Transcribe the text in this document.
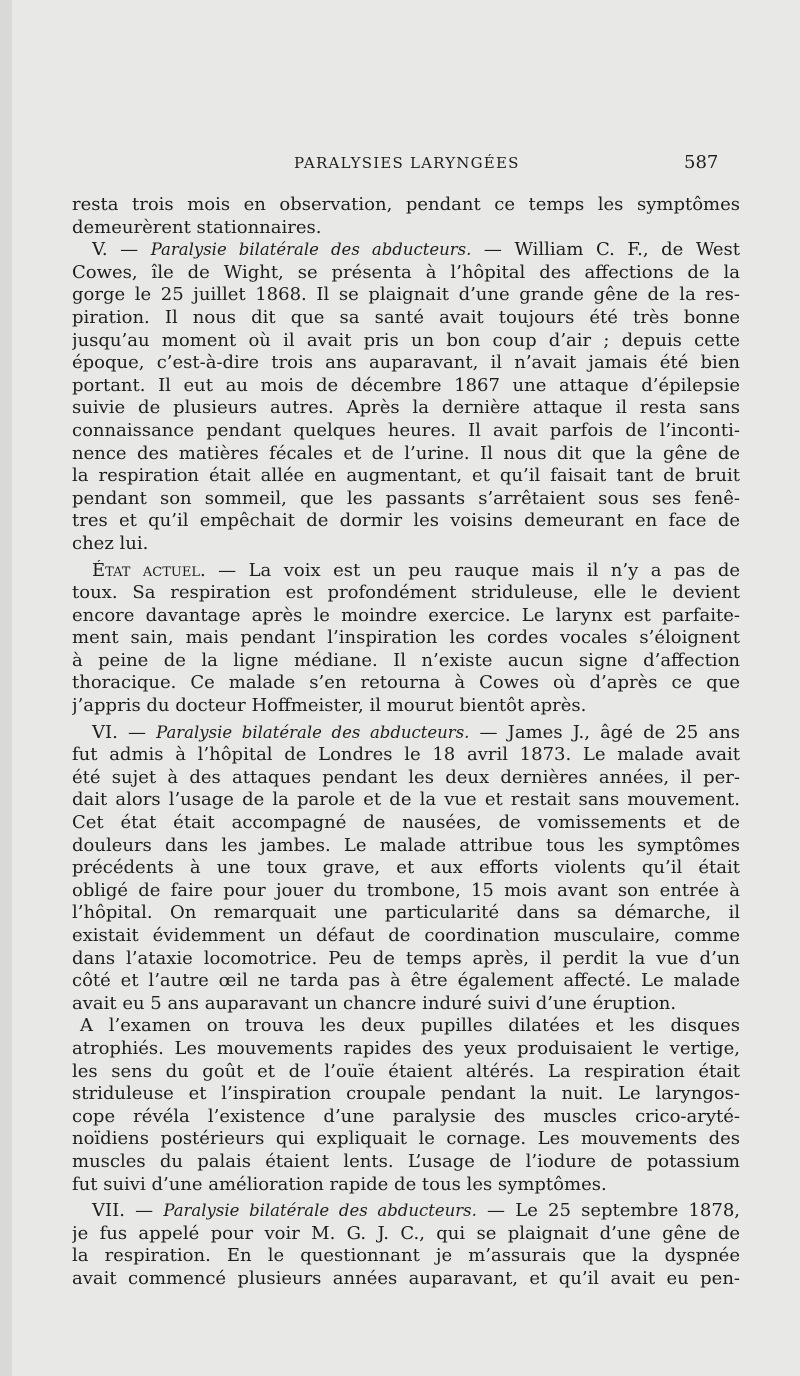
PARALYSIES LARYNGÉES	587
resta trois mois en observation, pendant ce temps les symptômes
demeurèrent stationnaires.
V. — Paralysie bilatérale des abducteurs. — William C. F., de West
Cowes, île de Wight, se présenta à l’hôpital des affections de la
gorge le 25 juillet 1868. Il se plaignait d’une grande gêne de la res-
piration. Il nous dit que sa santé avait toujours été très bonne
jusqu’au moment où il avait pris un bon coup d’air ; depuis cette
époque, c’est-à-dire trois ans auparavant, il n’avait jamais été bien
portant. Il eut au mois de décembre 1867 une attaque d’épilepsie
suivie de plusieurs autres. Après la dernière attaque il resta sans
connaissance pendant quelques heures. Il avait parfois de l’inconti-
nence des matières fécales et de l’urine. Il nous dit que la gêne de
la respiration était allée en augmentant, et qu’il faisait tant de bruit
pendant son sommeil, que les passants s’arrêtaient sous ses fenê-
tres et qu’il empêchait de dormir les voisins demeurant en face de
chez lui.
État actuel. — La voix est un peu rauque mais il n’y a pas de
toux. Sa respiration est profondément striduleuse, elle le devient
encore davantage après le moindre exercice. Le larynx est parfaite-
ment sain, mais pendant l’inspiration les cordes vocales s’éloignent
à peine de la ligne médiane. Il n’existe aucun signe d’affection
thoracique. Ce malade s’en retourna à Cowes où d’après ce que
j’appris du docteur Hoffmeister, il mourut bientôt après.
VI. — Paralysie bilatérale des abducteurs. — James J., âgé de 25 ans
fut admis à l’hôpital de Londres le 18 avril 1873. Le malade avait
été sujet à des attaques pendant les deux dernières années, il per-
dait alors l’usage de la parole et de la vue et restait sans mouvement.
Cet état était accompagné de nausées, de vomissements et de
douleurs dans les jambes. Le malade attribue tous les symptômes
précédents à une toux grave, et aux efforts violents qu’il était
obligé de faire pour jouer du trombone, 15 mois avant son entrée à
l’hôpital. On remarquait une particularité dans sa démarche, il
existait évidemment un défaut de coordination musculaire, comme
dans l’ataxie locomotrice. Peu de temps après, il perdit la vue d’un
côté et l’autre œil ne tarda pas à être également affecté. Le malade
avait eu 5 ans auparavant un chancre induré suivi d’une éruption.
A l’examen on trouva les deux pupilles dilatées et les disques
atrophiés. Les mouvements rapides des yeux produisaient le vertige,
les sens du goût et de l’ouïe étaient altérés. La respiration était
striduleuse et l’inspiration croupale pendant la nuit. Le laryngos-
cope révéla l’existence d’une paralysie des muscles crico-aryté-
noïdiens postérieurs qui expliquait le cornage. Les mouvements des
muscles du palais étaient lents. L’usage de l’iodure de potassium
fut suivi d’une amélioration rapide de tous les symptômes.
VII. — Paralysie bilatérale des abducteurs. — Le 25 septembre 1878,
je fus appelé pour voir M. G. J. C., qui se plaignait d’une gêne de
la respiration. En le questionnant je m’assurais que la dyspnée
avait commencé plusieurs années auparavant, et qu’il avait eu pen-
